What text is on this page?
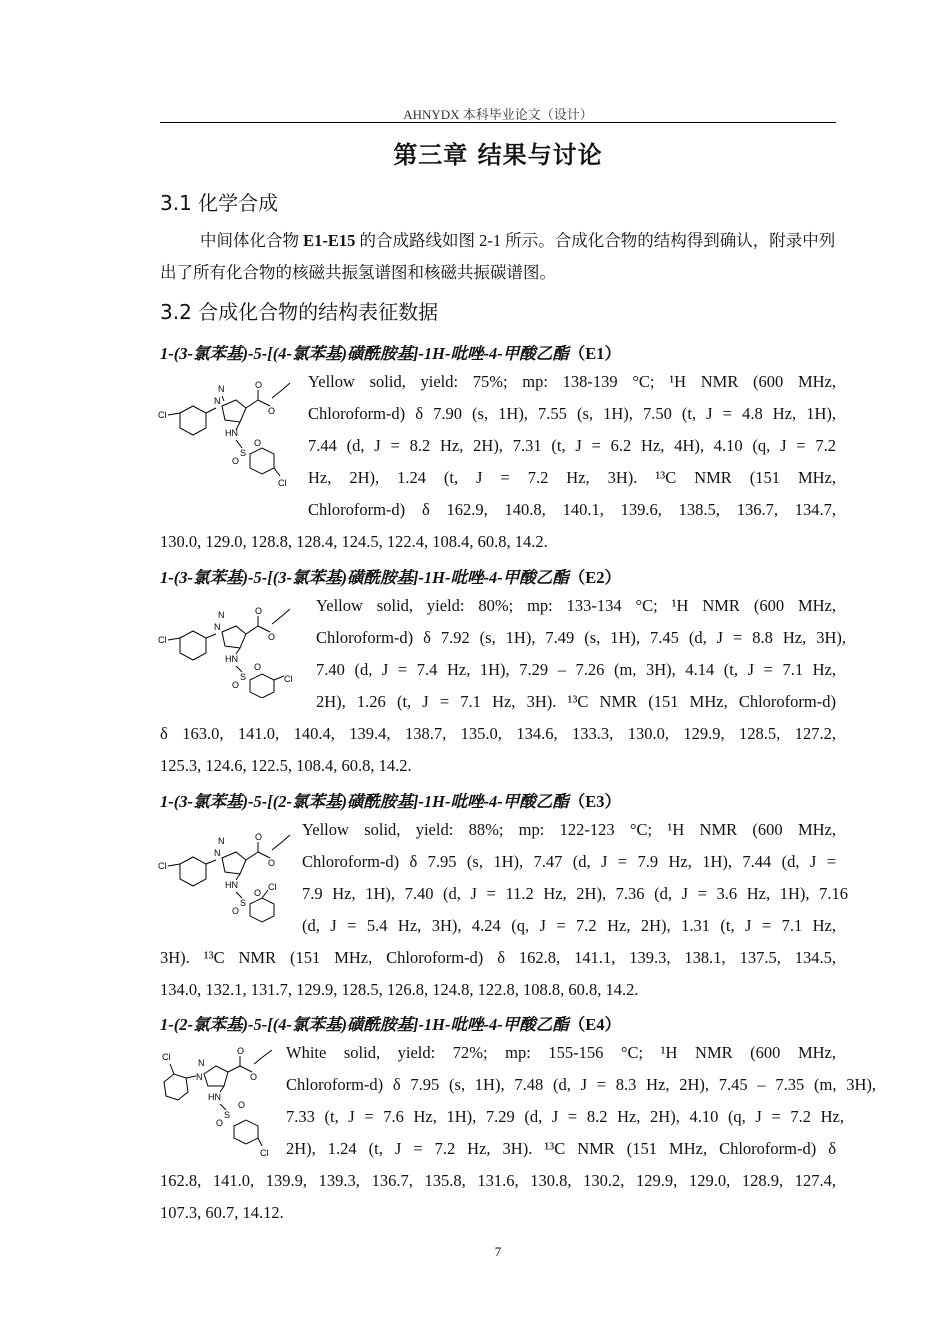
AHNYDX 本科毕业论文（设计）
第三章 结果与讨论
3.1 化学合成
中间体化合物 E1-E15 的合成路线如图 2-1 所示。合成化合物的结构得到确认，附录中列出了所有化合物的核磁共振氢谱图和核磁共振碳谱图。
3.2 合成化合物的结构表征数据
1-(3-氯苯基)-5-[(4-氯苯基)磺酰胺基]-1H-吡唑-4-甲酸乙酯（E1）
Cl
N
N	O
O
HN
S
O
O
Cl
Yellow solid, yield: 75%; mp: 138-139 °C; ¹H NMR (600 MHz,
Chloroform-d) δ 7.90 (s, 1H), 7.55 (s, 1H), 7.50 (t, J = 4.8 Hz, 1H),
7.44 (d, J = 8.2 Hz, 2H), 7.31 (t, J = 6.2 Hz, 4H), 4.10 (q, J = 7.2
Hz, 2H), 1.24 (t, J = 7.2 Hz, 3H). ¹³C NMR (151 MHz,
Chloroform-d) δ 162.9, 140.8, 140.1, 139.6, 138.5, 136.7, 134.7,
130.0, 129.0, 128.8, 128.4, 124.5, 122.4, 108.4, 60.8, 14.2.
1-(3-氯苯基)-5-[(3-氯苯基)磺酰胺基]-1H-吡唑-4-甲酸乙酯（E2）
Cl
N
N	O
O
HN
S
O
O
Cl
Yellow solid, yield: 80%; mp: 133-134 °C; ¹H NMR (600 MHz,
Chloroform-d) δ 7.92 (s, 1H), 7.49 (s, 1H), 7.45 (d, J = 8.8 Hz, 3H),
7.40 (d, J = 7.4 Hz, 1H), 7.29 – 7.26 (m, 3H), 4.14 (t, J = 7.1 Hz,
2H), 1.26 (t, J = 7.1 Hz, 3H). ¹³C NMR (151 MHz, Chloroform-d)
δ 163.0, 141.0, 140.4, 139.4, 138.7, 135.0, 134.6, 133.3, 130.0, 129.9, 128.5, 127.2,
125.3, 124.6, 122.5, 108.4, 60.8, 14.2.
1-(3-氯苯基)-5-[(2-氯苯基)磺酰胺基]-1H-吡唑-4-甲酸乙酯（E3）
Cl
N
N	O
O
HN
S
O
O
Cl
Yellow solid, yield: 88%; mp: 122-123 °C; ¹H NMR (600 MHz,
Chloroform-d) δ 7.95 (s, 1H), 7.47 (d, J = 7.9 Hz, 1H), 7.44 (d, J =
7.9 Hz, 1H), 7.40 (d, J = 11.2 Hz, 2H), 7.36 (d, J = 3.6 Hz, 1H), 7.16
(d, J = 5.4 Hz, 3H), 4.24 (q, J = 7.2 Hz, 2H), 1.31 (t, J = 7.1 Hz,
3H). ¹³C NMR (151 MHz, Chloroform-d) δ 162.8, 141.1, 139.3, 138.1, 137.5, 134.5,
134.0, 132.1, 131.7, 129.9, 128.5, 126.8, 124.8, 122.8, 108.8, 60.8, 14.2.
1-(2-氯苯基)-5-[(4-氯苯基)磺酰胺基]-1H-吡唑-4-甲酸乙酯（E4）
Cl
N
N
O
O
HN
S
O
O
Cl
White solid, yield: 72%; mp: 155-156 °C; ¹H NMR (600 MHz,
Chloroform-d) δ 7.95 (s, 1H), 7.48 (d, J = 8.3 Hz, 2H), 7.45 – 7.35 (m, 3H),
7.33 (t, J = 7.6 Hz, 1H), 7.29 (d, J = 8.2 Hz, 2H), 4.10 (q, J = 7.2 Hz,
2H), 1.24 (t, J = 7.2 Hz, 3H). ¹³C NMR (151 MHz, Chloroform-d) δ
162.8, 141.0, 139.9, 139.3, 136.7, 135.8, 131.6, 130.8, 130.2, 129.9, 129.0, 128.9, 127.4,
107.3, 60.7, 14.12.
7
